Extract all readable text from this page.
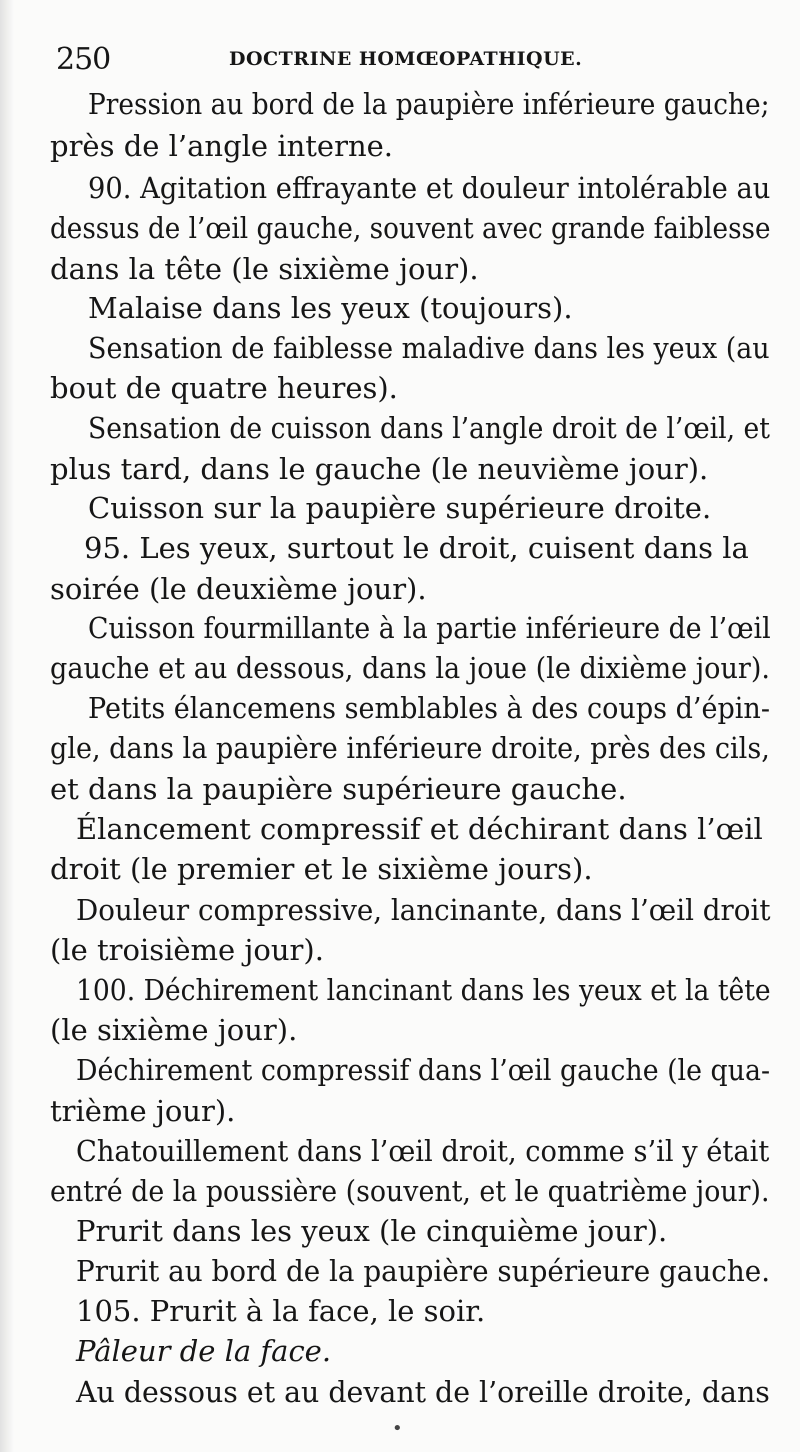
250	DOCTRINE HOMŒOPATHIQUE.
Pression au bord de la paupière inférieure gauche;
près de l’angle interne.
90. Agitation effrayante et douleur intolérable au
dessus de l’œil gauche, souvent avec grande faiblesse
dans la tête (le sixième jour).
Malaise dans les yeux (toujours).
Sensation de faiblesse maladive dans les yeux (au
bout de quatre heures).
Sensation de cuisson dans l’angle droit de l’œil, et
plus tard, dans le gauche (le neuvième jour).
Cuisson sur la paupière supérieure droite.
95. Les yeux, surtout le droit, cuisent dans la
soirée (le deuxième jour).
Cuisson fourmillante à la partie inférieure de l’œil
gauche et au dessous, dans la joue (le dixième jour).
Petits élancemens semblables à des coups d’épin-
gle, dans la paupière inférieure droite, près des cils,
et dans la paupière supérieure gauche.
Élancement compressif et déchirant dans l’œil
droit (le premier et le sixième jours).
Douleur compressive, lancinante, dans l’œil droit
(le troisième jour).
100. Déchirement lancinant dans les yeux et la tête
(le sixième jour).
Déchirement compressif dans l’œil gauche (le qua-
trième jour).
Chatouillement dans l’œil droit, comme s’il y était
entré de la poussière (souvent, et le quatrième jour).
Prurit dans les yeux (le cinquième jour).
Prurit au bord de la paupière supérieure gauche.
105. Prurit à la face, le soir.
Pâleur de la face.
Au dessous et au devant de l’oreille droite, dans
•
